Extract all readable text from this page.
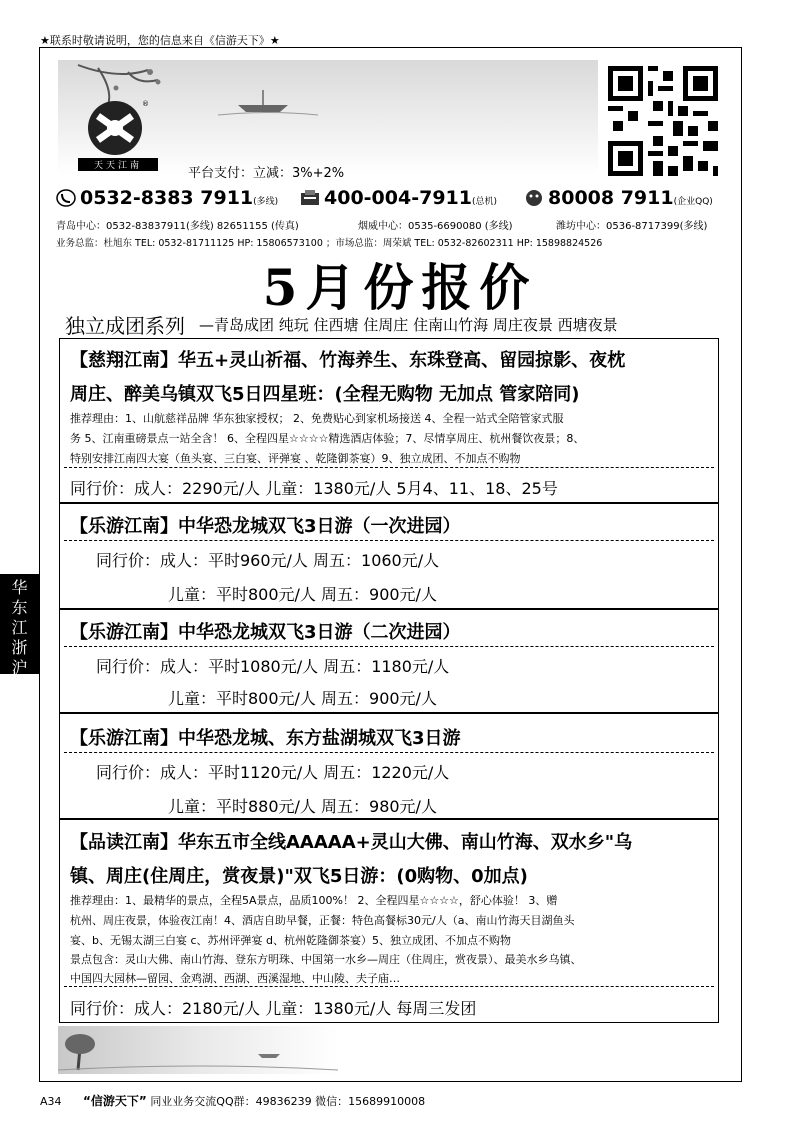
★联系时敬请说明，您的信息来自《信游天下》★
华
东
江
浙
沪
®
天天江南	平台支付：立减：3%+2%
0532-8383 7911(多线)	400-004-7911(总机)	80008 7911(企业QQ)
青岛中心：0532-83837911(多线) 82651155 (传真)	烟威中心：0535-6690080 (多线)	潍坊中心：0536-8717399(多线)
业务总监：杜旭东 TEL: 0532-81711125 HP: 15806573100 ；市场总监：周荣斌 TEL: 0532-82602311 HP: 15898824526
5月份报价
独立成团系列 —青岛成团 纯玩 住西塘 住周庄 住南山竹海 周庄夜景 西塘夜景
【慈翔江南】华五+灵山祈福、竹海养生、东珠登高、留园掠影、夜枕
周庄、醉美乌镇双飞5日四星班：(全程无购物 无加点 管家陪同)
推荐理由：1、山航慈祥品牌 华东独家授权； 2、免费贴心到家机场接送 4、全程一站式全陪管家式服
务 5、江南重磅景点一站全含！ 6、全程四星☆☆☆☆精选酒店体验；7、尽情享周庄、杭州餐饮夜景；8、
特别安排江南四大宴（鱼头宴、三白宴、评弹宴 、乾隆御茶宴）9、独立成团、不加点不购物
同行价：成人：2290元/人 儿童：1380元/人 5月4、11、18、25号
【乐游江南】中华恐龙城双飞3日游（一次进园）
同行价：成人：平时960元/人 周五：1060元/人
儿童：平时800元/人 周五：900元/人
【乐游江南】中华恐龙城双飞3日游（二次进园）
同行价：成人：平时1080元/人 周五：1180元/人
儿童：平时800元/人 周五：900元/人
【乐游江南】中华恐龙城、东方盐湖城双飞3日游
同行价：成人：平时1120元/人 周五：1220元/人
儿童：平时880元/人 周五：980元/人
【品读江南】华东五市全线AAAAA+灵山大佛、南山竹海、双水乡"乌
镇、周庄(住周庄，赏夜景)"双飞5日游：(0购物、0加点)
推荐理由：1、最精华的景点，全程5A景点，品质100%！ 2、全程四星☆☆☆☆，舒心体验！ 3、赠
杭州、周庄夜景，体验夜江南！4、酒店自助早餐，正餐：特色高餐标30元/人（a、南山竹海天目湖鱼头
宴、b、无锡太湖三白宴 c、苏州评弹宴 d、杭州乾隆御茶宴）5、独立成团、不加点不购物
景点包含：灵山大佛、南山竹海、登东方明珠、中国第一水乡—周庄（住周庄，赏夜景）、最美水乡乌镇、
中国四大园林—留园、金鸡湖、西湖、西溪湿地、中山陵、夫子庙…
同行价：成人：2180元/人 儿童：1380元/人 每周三发团
A34 “信游天下” 同业业务交流QQ群：49836239 微信：15689910008
